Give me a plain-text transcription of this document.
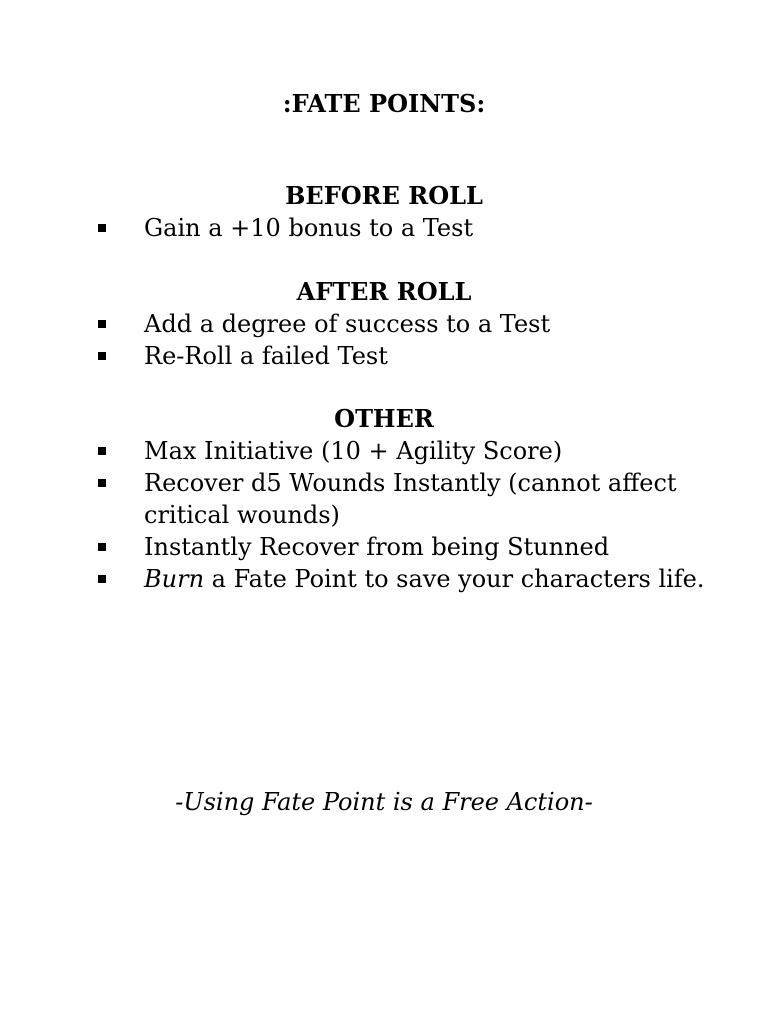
:FATE POINTS:
BEFORE ROLL
Gain a +10 bonus to a Test
AFTER ROLL
Add a degree of success to a Test
Re-Roll a failed Test
OTHER
Max Initiative (10 + Agility Score)
Recover d5 Wounds Instantly (cannot affect critical wounds)
Instantly Recover from being Stunned
Burn a Fate Point to save your characters life.
-Using Fate Point is a Free Action-
